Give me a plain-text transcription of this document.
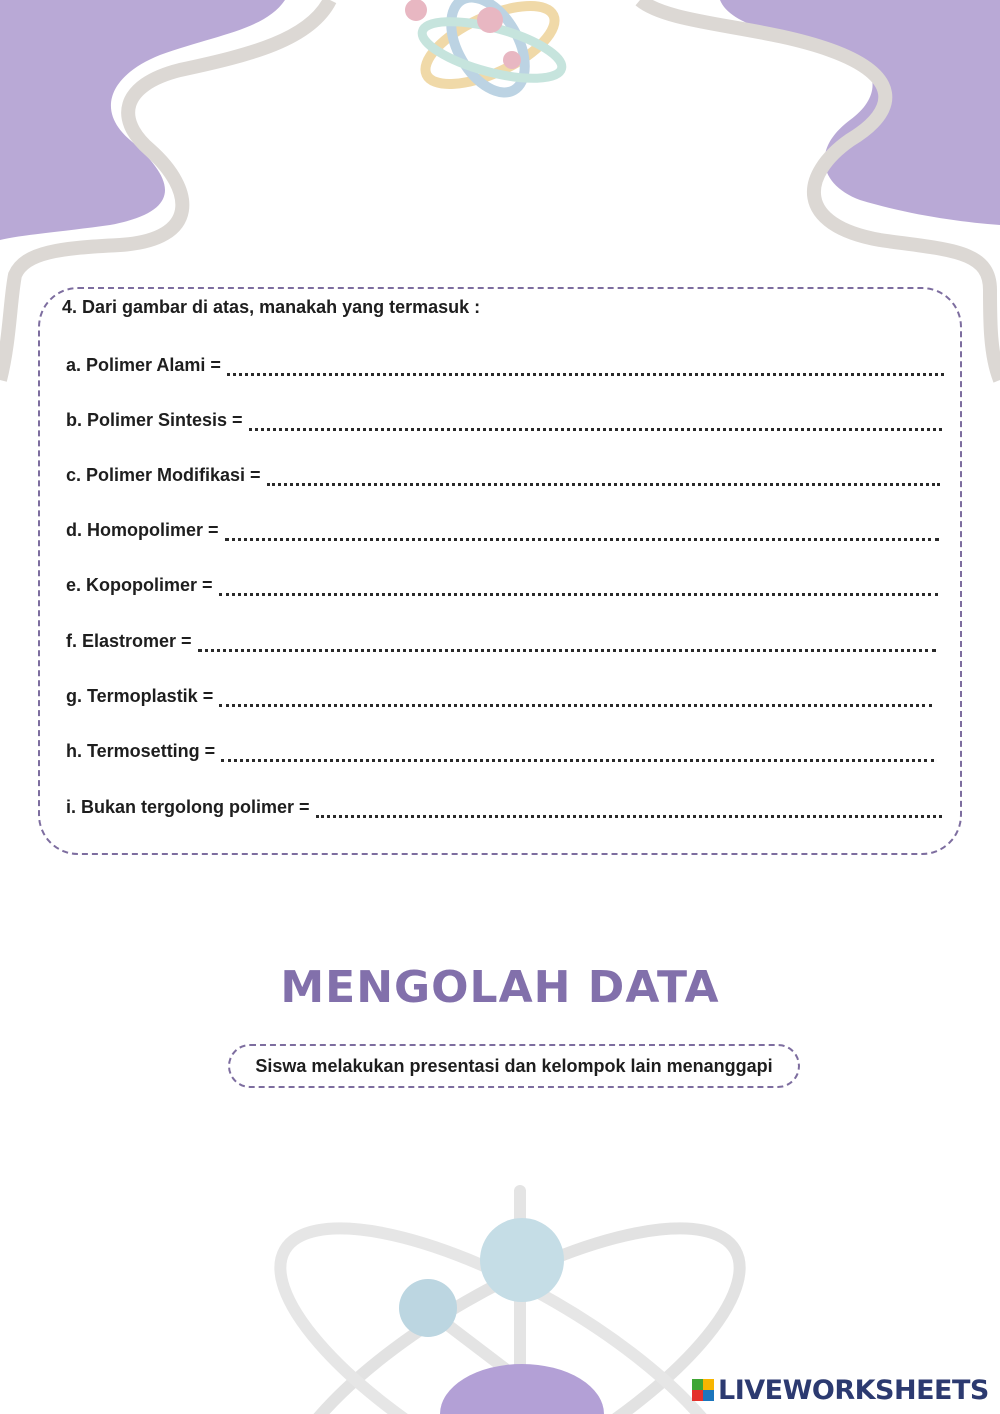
4. Dari gambar di atas, manakah yang termasuk :
a. Polimer Alami =
b. Polimer Sintesis =
c. Polimer Modifikasi =
d. Homopolimer =
e. Kopopolimer =
f. Elastromer =
g. Termoplastik =
h. Termosetting =
i. Bukan tergolong polimer =
MENGOLAH DATA
Siswa melakukan presentasi dan kelompok lain menanggapi
LIVEWORKSHEETS
